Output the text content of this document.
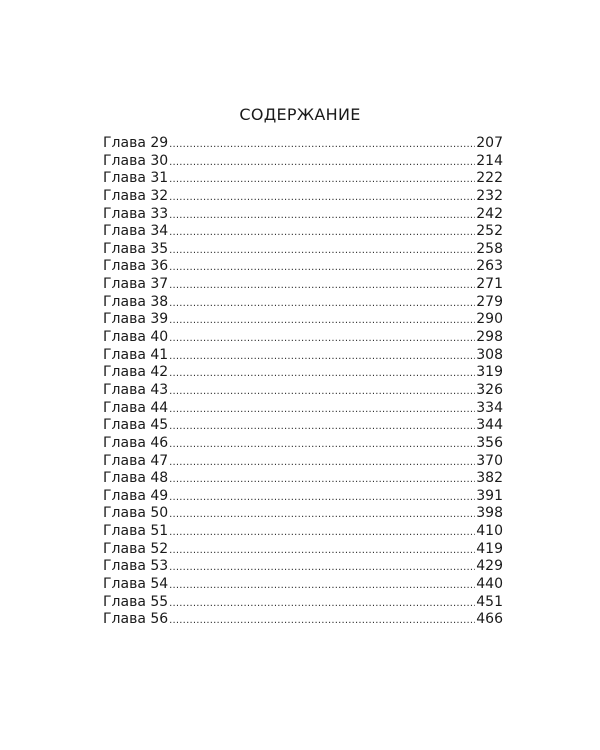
СОДЕРЖАНИЕ
Глава 29 .....	207
Глава 30 .....	214
Глава 31 .....	222
Глава 32 .....	232
Глава 33 .....	242
Глава 34 .....	252
Глава 35 .....	258
Глава 36 .....	263
Глава 37 .....	271
Глава 38 .....	279
Глава 39 .....	290
Глава 40 .....	298
Глава 41 .....	308
Глава 42 .....	319
Глава 43 .....	326
Глава 44 .....	334
Глава 45 .....	344
Глава 46 .....	356
Глава 47 .....	370
Глава 48 .....	382
Глава 49 .....	391
Глава 50 .....	398
Глава 51 .....	410
Глава 52 .....	419
Глава 53 .....	429
Глава 54 .....	440
Глава 55 .....	451
Глава 56 .....	466
